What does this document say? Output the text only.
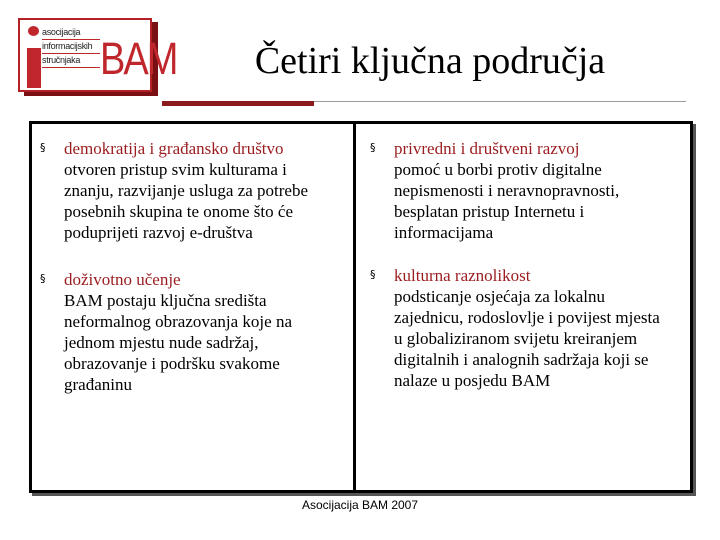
asocijacija
informacijskih
stručnjaka BAM	Četiri ključna područja
§ demokratija i građansko društvo
otvoren pristup svim kulturama i znanju, razvijanje usluga za potrebe posebnih skupina te onome što će poduprijeti razvoj e-društva
§ doživotno učenje
BAM postaju ključna središta neformalnog obrazovanja koje na jednom mjestu nude sadržaj, obrazovanje i podršku svakome građaninu
§ privredni i društveni razvoj
pomoć u borbi protiv digitalne nepismenosti i neravnopravnosti, besplatan pristup Internetu i informacijama
§ kulturna raznolikost
podsticanje osjećaja za lokalnu zajednicu, rodoslovlje i povijest mjesta u globaliziranom svijetu kreiranjem digitalnih i analognih sadržaja koji se nalaze u posjedu BAM
Asocijacija BAM 2007
